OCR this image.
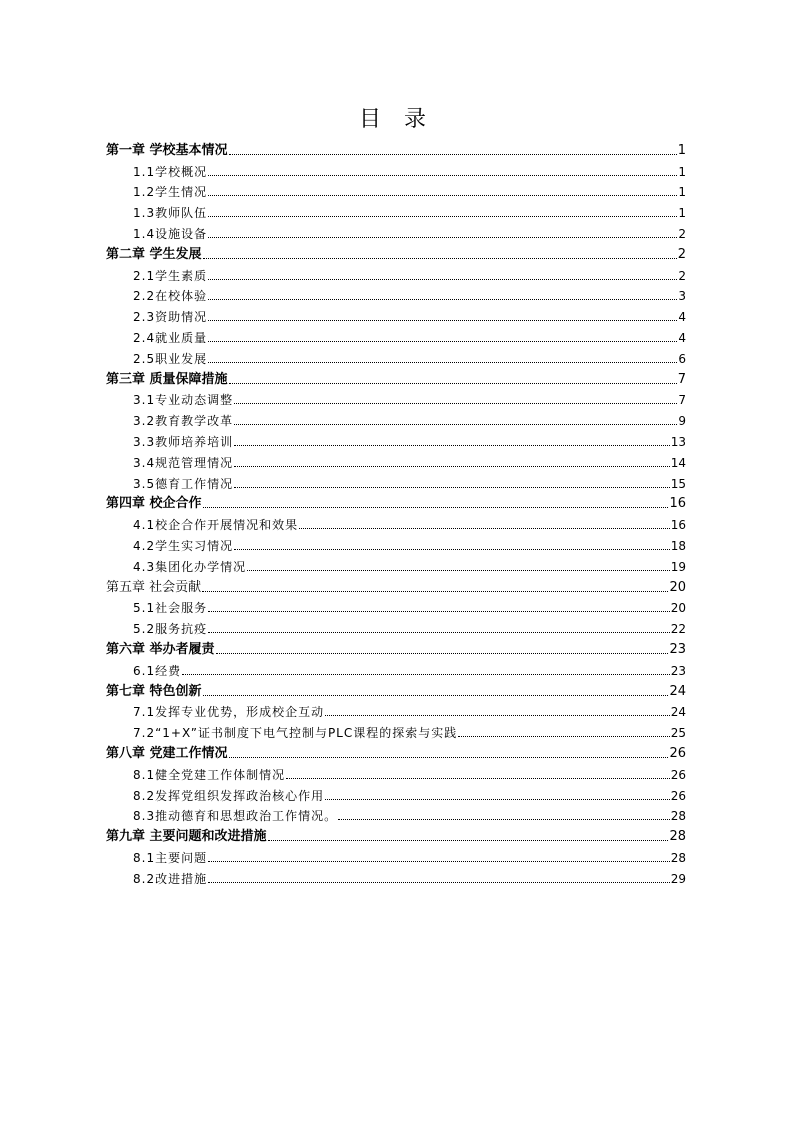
目 录
第一章 学校基本情况	1
1.1学校概况	1
1.2学生情况	1
1.3教师队伍	1
1.4设施设备	2
第二章 学生发展	2
2.1学生素质	2
2.2在校体验	3
2.3资助情况	4
2.4就业质量	4
2.5职业发展	6
第三章 质量保障措施	7
3.1专业动态调整	7
3.2教育教学改革	9
3.3教师培养培训	13
3.4规范管理情况	14
3.5德育工作情况	15
第四章 校企合作	16
4.1校企合作开展情况和效果	16
4.2学生实习情况	18
4.3集团化办学情况	19
第五章 社会贡献	20
5.1社会服务	20
5.2服务抗疫	22
第六章 举办者履责	23
6.1经费	23
第七章 特色创新	24
7.1发挥专业优势，形成校企互动	24
7.2“1+X”证书制度下电气控制与PLC课程的探索与实践	25
第八章 党建工作情况	26
8.1健全党建工作体制情况	26
8.2发挥党组织发挥政治核心作用	26
8.3推动德育和思想政治工作情况。	28
第九章 主要问题和改进措施	28
8.1主要问题	28
8.2改进措施	29
